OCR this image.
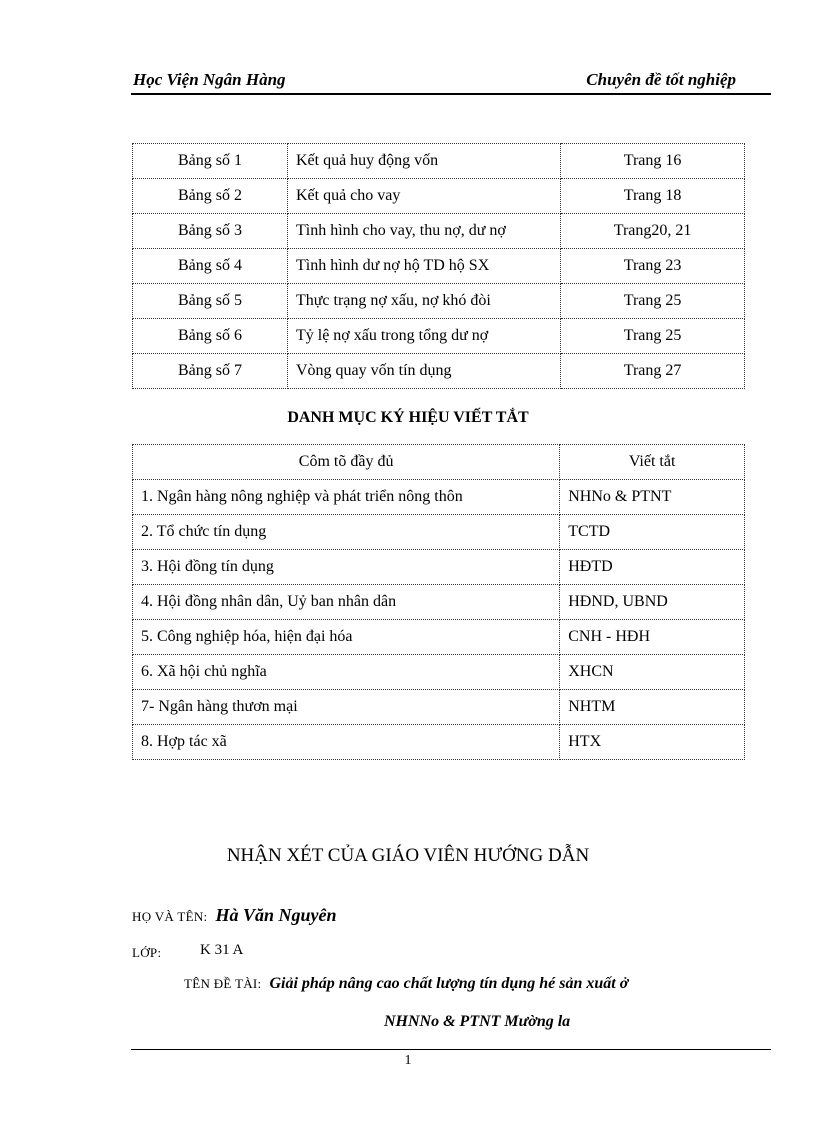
Học Viện Ngân Hàng	Chuyên đề tốt nghiệp
Bảng số 1	Kết quả huy động vốn	Trang 16
Bảng số 2	Kết quả cho vay	Trang 18
Bảng số 3	Tình hình cho vay, thu nợ, dư nợ	Trang20, 21
Bảng số 4	Tình hình dư nợ hộ TD hộ SX	Trang 23
Bảng số 5	Thực trạng nợ xấu, nợ khó đòi	Trang 25
Bảng số 6	Tỷ lệ nợ xấu trong tổng dư nợ	Trang 25
Bảng số 7	Vòng quay vốn tín dụng	Trang 27
DANH MỤC KÝ HIỆU VIẾT TẮT
Côm tõ đầy đủ	Viết tắt
1. Ngân hàng nông nghiệp và phát triển nông thôn	NHNo & PTNT
2. Tổ chức tín dụng	TCTD
3. Hội đồng tín dụng	HĐTD
4. Hội đồng nhân dân, Uỷ ban nhân dân	HĐND, UBND
5. Công nghiệp hóa, hiện đại hóa	CNH - HĐH
6. Xã hội chủ nghĩa	XHCN
7- Ngân hàng thươn mại	NHTM
8. Hợp tác xã	HTX
NHẬN XÉT CỦA GIÁO VIÊN HƯỚNG DẪN
HỌ VÀ TÊN: Hà Văn Nguyên
LỚP:	K 31 A
TÊN ĐỀ TÀI: Giải pháp nâng cao chất lượng tín dụng hé sản xuất ở
NHNNo & PTNT Mường la
1
